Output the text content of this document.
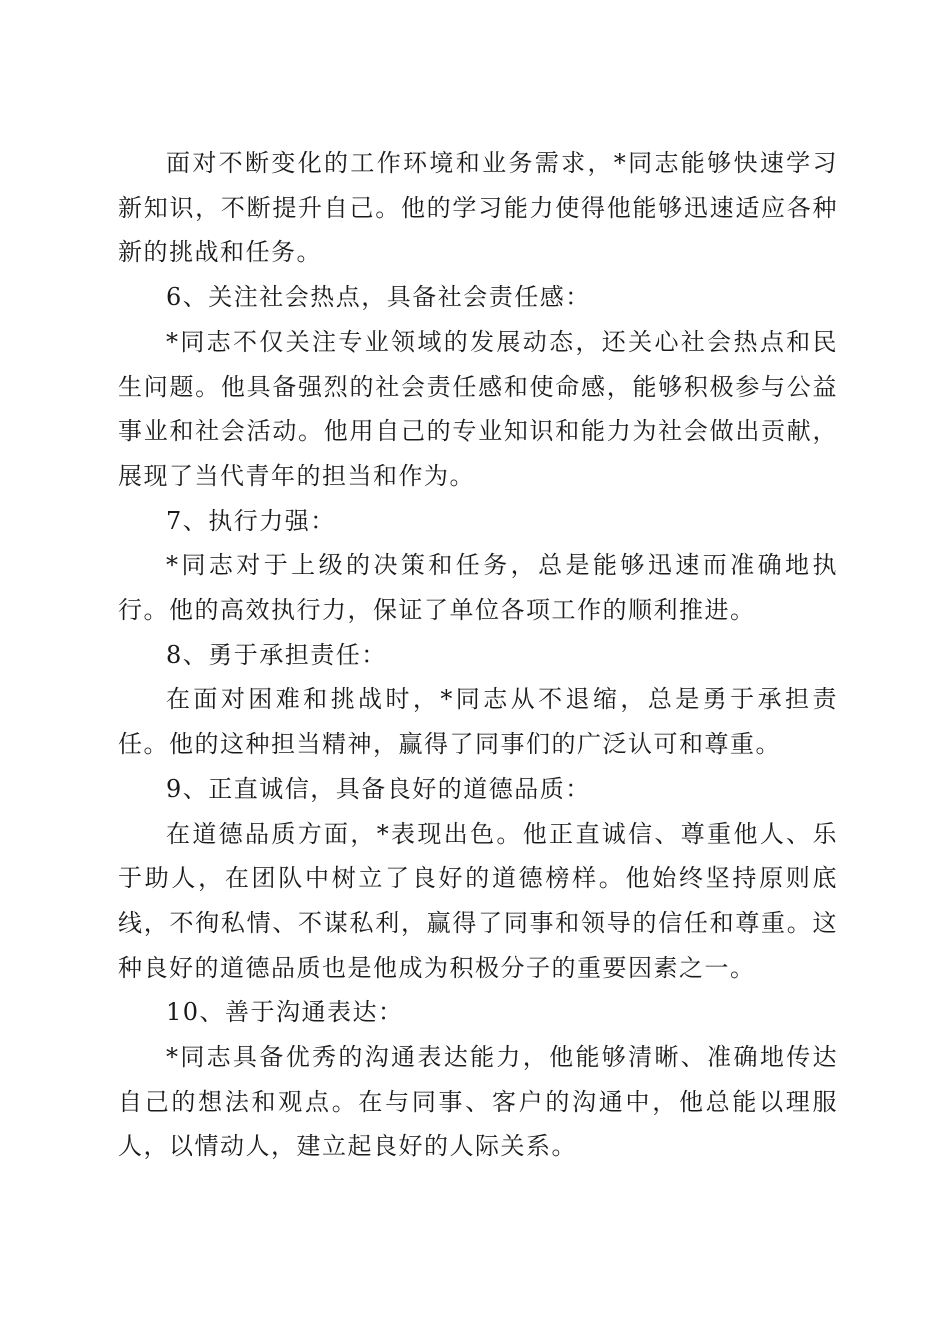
面对不断变化的工作环境和业务需求，*同志能够快速学习新知识，不断提升自己。他的学习能力使得他能够迅速适应各种新的挑战和任务。

6、关注社会热点，具备社会责任感：

*同志不仅关注专业领域的发展动态，还关心社会热点和民生问题。他具备强烈的社会责任感和使命感，能够积极参与公益事业和社会活动。他用自己的专业知识和能力为社会做出贡献，展现了当代青年的担当和作为。

7、执行力强：

*同志对于上级的决策和任务，总是能够迅速而准确地执行。他的高效执行力，保证了单位各项工作的顺利推进。

8、勇于承担责任：

在面对困难和挑战时，*同志从不退缩，总是勇于承担责任。他的这种担当精神，赢得了同事们的广泛认可和尊重。

9、正直诚信，具备良好的道德品质：

在道德品质方面，*表现出色。他正直诚信、尊重他人、乐于助人，在团队中树立了良好的道德榜样。他始终坚持原则底线，不徇私情、不谋私利，赢得了同事和领导的信任和尊重。这种良好的道德品质也是他成为积极分子的重要因素之一。

10、善于沟通表达：

*同志具备优秀的沟通表达能力，他能够清晰、准确地传达自己的想法和观点。在与同事、客户的沟通中，他总能以理服人，以情动人，建立起良好的人际关系。
